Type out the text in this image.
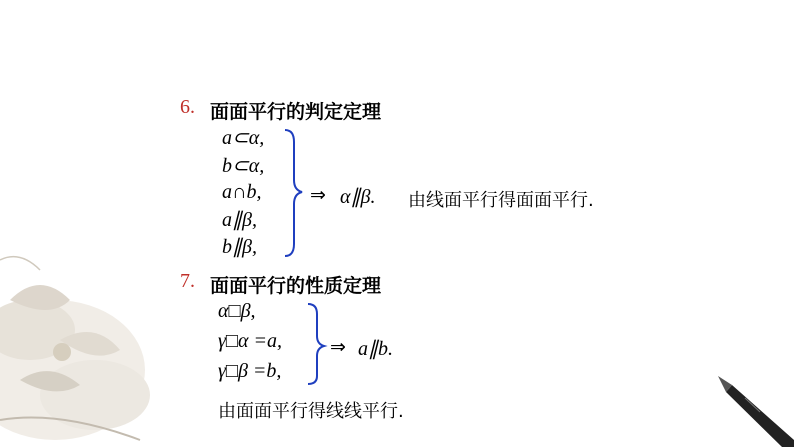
6. 面面平行的判定定理
a⊂α,
b⊂α,
a∩b,
a∥β,
b∥β,
⇒ α∥β. 由线面平行得面面平行.
7. 面面平行的性质定理
α□β,
γ□α =a,
γ□β =b,
⇒ a∥b.
由面面平行得线线平行.
